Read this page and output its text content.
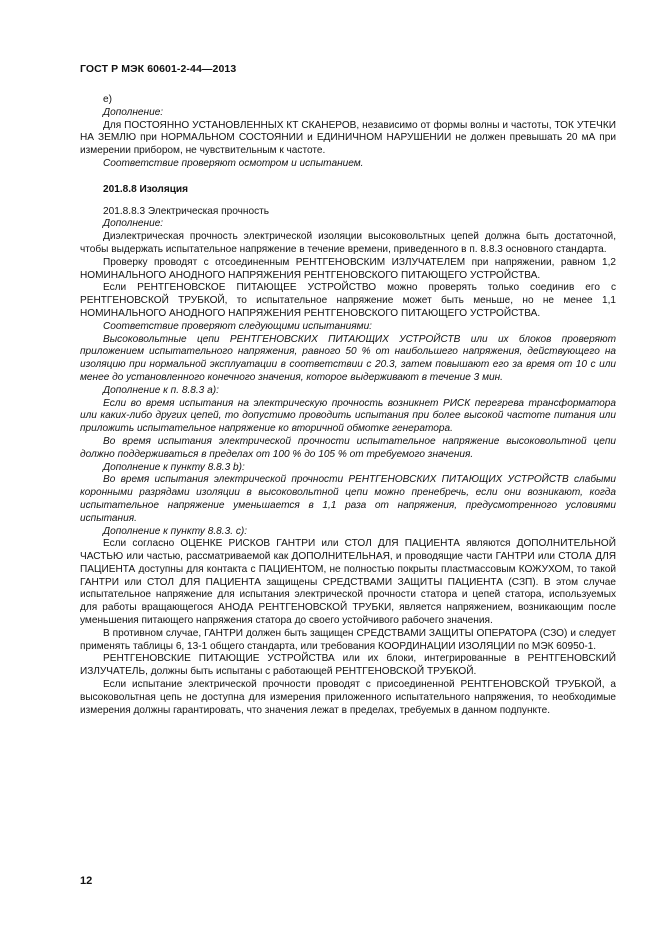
ГОСТ Р МЭК 60601-2-44—2013

e)

Дополнение:

Для ПОСТОЯННО УСТАНОВЛЕННЫХ КТ СКАНЕРОВ, независимо от формы волны и частоты, ТОК УТЕЧКИ НА ЗЕМЛЮ при НОРМАЛЬНОМ СОСТОЯНИИ и ЕДИНИЧНОМ НАРУШЕНИИ не должен превышать 20 мА при измерении прибором, не чувствительным к частоте.

Соответствие проверяют осмотром и испытанием.

201.8.8 Изоляция

201.8.8.3 Электрическая прочность

Дополнение:

Диэлектрическая прочность электрической изоляции высоковольтных цепей должна быть достаточной, чтобы выдержать испытательное напряжение в течение времени, приведенного в п. 8.8.3 основного стандарта.

Проверку проводят с отсоединенным РЕНТГЕНОВСКИМ ИЗЛУЧАТЕЛЕМ при напряжении, равном 1,2 НОМИНАЛЬНОГО АНОДНОГО НАПРЯЖЕНИЯ РЕНТГЕНОВСКОГО ПИТАЮЩЕГО УСТРОЙСТВА.

Если РЕНТГЕНОВСКОЕ ПИТАЮЩЕЕ УСТРОЙСТВО можно проверять только соединив его с РЕНТГЕНОВСКОЙ ТРУБКОЙ, то испытательное напряжение может быть меньше, но не менее 1,1 НОМИНАЛЬНОГО АНОДНОГО НАПРЯЖЕНИЯ РЕНТГЕНОВСКОГО ПИТАЮЩЕГО УСТРОЙСТВА.

Соответствие проверяют следующими испытаниями:

Высоковольтные цепи РЕНТГЕНОВСКИХ ПИТАЮЩИХ УСТРОЙСТВ или их блоков проверяют приложением испытательного напряжения, равного 50 % от наибольшего напряжения, действующего на изоляцию при нормальной эксплуатации в соответствии с 20.3, затем повышают его за время от 10 с или менее до установленного конечного значения, которое выдерживают в течение 3 мин.

Дополнение к п. 8.8.3 а):

Если во время испытания на электрическую прочность возникнет РИСК перегрева трансформатора или каких-либо других цепей, то допустимо проводить испытания при более высокой частоте питания или приложить испытательное напряжение ко вторичной обмотке генератора.

Во время испытания электрической прочности испытательное напряжение высоковольтной цепи должно поддерживаться в пределах от 100 % до 105 % от требуемого значения.

Дополнение к пункту 8.8.3 b):

Во время испытания электрической прочности РЕНТГЕНОВСКИХ ПИТАЮЩИХ УСТРОЙСТВ слабыми коронными разрядами изоляции в высоковольтной цепи можно пренебречь, если они возникают, когда испытательное напряжение уменьшается в 1,1 раза от напряжения, предусмотренного условиями испытания.

Дополнение к пункту 8.8.3. с):

Если согласно ОЦЕНКЕ РИСКОВ ГАНТРИ или СТОЛ ДЛЯ ПАЦИЕНТА являются ДОПОЛНИТЕЛЬНОЙ ЧАСТЬЮ или частью, рассматриваемой как ДОПОЛНИТЕЛЬНАЯ, и проводящие части ГАНТРИ или СТОЛА ДЛЯ ПАЦИЕНТА доступны для контакта с ПАЦИЕНТОМ, не полностью покрыты пластмассовым КОЖУХОМ, то такой ГАНТРИ или СТОЛ ДЛЯ ПАЦИЕНТА защищены СРЕДСТВАМИ ЗАЩИТЫ ПАЦИЕНТА (СЗП). В этом случае испытательное напряжение для испытания электрической прочности статора и цепей статора, используемых для работы вращающегося АНОДА РЕНТГЕНОВСКОЙ ТРУБКИ, является напряжением, возникающим после уменьшения питающего напряжения статора до своего устойчивого рабочего значения.

В противном случае, ГАНТРИ должен быть защищен СРЕДСТВАМИ ЗАЩИТЫ ОПЕРАТОРА (СЗО) и следует применять таблицы 6, 13-1 общего стандарта, или требования КООРДИНАЦИИ ИЗОЛЯЦИИ по МЭК 60950-1.

РЕНТГЕНОВСКИЕ ПИТАЮЩИЕ УСТРОЙСТВА или их блоки, интегрированные в РЕНТГЕНОВСКИЙ ИЗЛУЧАТЕЛЬ, должны быть испытаны с работающей РЕНТГЕНОВСКОЙ ТРУБКОЙ.

Если испытание электрической прочности проводят с присоединенной РЕНТГЕНОВСКОЙ ТРУБКОЙ, а высоковольтная цепь не доступна для измерения приложенного испытательного напряжения, то необходимые измерения должны гарантировать, что значения лежат в пределах, требуемых в данном подпункте.

12
